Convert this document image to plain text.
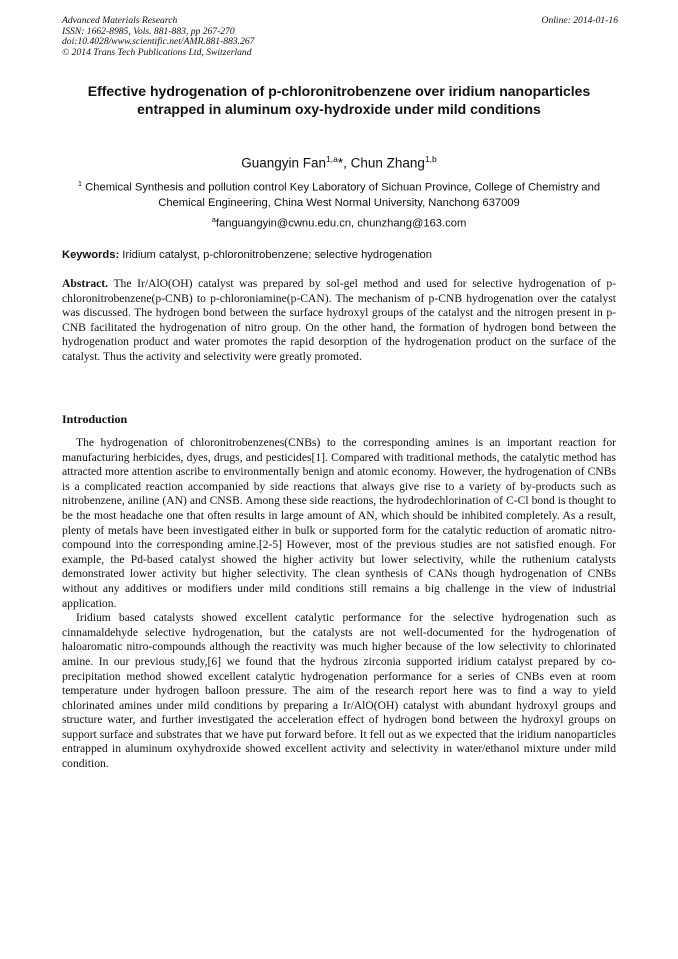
Advanced Materials Research
ISSN: 1662-8985, Vols. 881-883, pp 267-270
doi:10.4028/www.scientific.net/AMR.881-883.267
© 2014 Trans Tech Publications Ltd, Switzerland
Online: 2014-01-16
Effective hydrogenation of p-chloronitrobenzene over iridium nanoparticles entrapped in aluminum oxy-hydroxide under mild conditions
Guangyin Fan$^{1,a}$*, Chun Zhang$^{1,b}$
$^1$ Chemical Synthesis and pollution control Key Laboratory of Sichuan Province, College of Chemistry and Chemical Engineering, China West Normal University, Nanchong 637009
$^a$fanguangyin@cwnu.edu.cn, chunzhang@163.com
Keywords: Iridium catalyst, p-chloronitrobenzene; selective hydrogenation

Abstract. The Ir/AlO(OH) catalyst was prepared by sol-gel method and used for selective hydrogenation of p-chloronitrobenzene(p-CNB) to p-chloroniamine(p-CAN). The mechanism of p-CNB hydrogenation over the catalyst was discussed. The hydrogen bond between the surface hydroxyl groups of the catalyst and the nitrogen present in p-CNB facilitated the hydrogenation of nitro group. On the other hand, the formation of hydrogen bond between the hydrogenation product and water promotes the rapid desorption of the hydrogenation product on the surface of the catalyst. Thus the activity and selectivity were greatly promoted.

Introduction

The hydrogenation of chloronitrobenzenes(CNBs) to the corresponding amines is an important reaction for manufacturing herbicides, dyes, drugs, and pesticides[1]. Compared with traditional methods, the catalytic method has attracted more attention ascribe to environmentally benign and atomic economy. However, the hydrogenation of CNBs is a complicated reaction accompanied by side reactions that always give rise to a variety of by-products such as nitrobenzene, aniline (AN) and CNSB. Among these side reactions, the hydrodechlorination of C-Cl bond is thought to be the most headache one that often results in large amount of AN, which should be inhibited completely. As a result, plenty of metals have been investigated either in bulk or supported form for the catalytic reduction of aromatic nitro-compound into the corresponding amine.[2-5] However, most of the previous studies are not satisfied enough. For example, the Pd-based catalyst showed the higher activity but lower selectivity, while the ruthenium catalysts demonstrated lower activity but higher selectivity. The clean synthesis of CANs though hydrogenation of CNBs without any additives or modifiers under mild conditions still remains a big challenge in the view of industrial application.

Iridium based catalysts showed excellent catalytic performance for the selective hydrogenation such as cinnamaldehyde selective hydrogenation, but the catalysts are not well-documented for the hydrogenation of haloaromatic nitro-compounds although the reactivity was much higher because of the low selectivity to chlorinated amine. In our previous study,[6] we found that the hydrous zirconia supported iridium catalyst prepared by co-precipitation method showed excellent catalytic hydrogenation performance for a series of CNBs even at room temperature under hydrogen balloon pressure. The aim of the research report here was to find a way to yield chlorinated amines under mild conditions by preparing a Ir/AlO(OH) catalyst with abundant hydroxyl groups and structure water, and further investigated the acceleration effect of hydrogen bond between the hydroxyl groups on support surface and substrates that we have put forward before. It fell out as we expected that the iridium nanoparticles entrapped in aluminum oxyhydroxide showed excellent activity and selectivity in water/ethanol mixture under mild condition.
